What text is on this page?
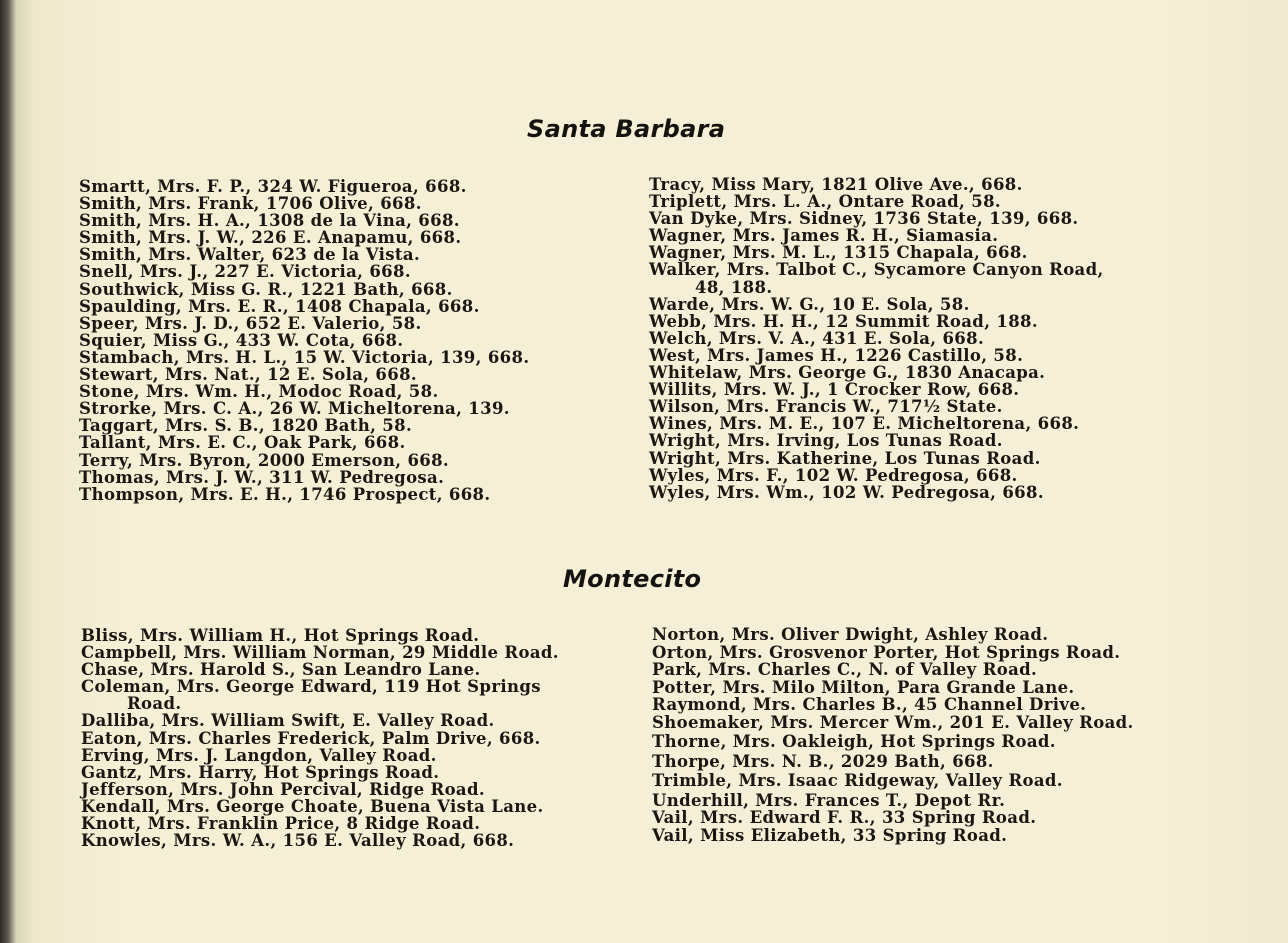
Santa Barbara
Smartt, Mrs. F. P., 324 W. Figueroa, 668.
Smith, Mrs. Frank, 1706 Olive, 668.
Smith, Mrs. H. A., 1308 de la Vina, 668.
Smith, Mrs. J. W., 226 E. Anapamu, 668.
Smith, Mrs. Walter, 623 de la Vista.
Snell, Mrs. J., 227 E. Victoria, 668.
Southwick, Miss G. R., 1221 Bath, 668.
Spaulding, Mrs. E. R., 1408 Chapala, 668.
Speer, Mrs. J. D., 652 E. Valerio, 58.
Squier, Miss G., 433 W. Cota, 668.
Stambach, Mrs. H. L., 15 W. Victoria, 139, 668.
Stewart, Mrs. Nat., 12 E. Sola, 668.
Stone, Mrs. Wm. H., Modoc Road, 58.
Strorke, Mrs. C. A., 26 W. Micheltorena, 139.
Taggart, Mrs. S. B., 1820 Bath, 58.
Tallant, Mrs. E. C., Oak Park, 668.
Terry, Mrs. Byron, 2000 Emerson, 668.
Thomas, Mrs. J. W., 311 W. Pedregosa.
Thompson, Mrs. E. H., 1746 Prospect, 668.
Tracy, Miss Mary, 1821 Olive Ave., 668.
Triplett, Mrs. L. A., Ontare Road, 58.
Van Dyke, Mrs. Sidney, 1736 State, 139, 668.
Wagner, Mrs. James R. H., Siamasia.
Wagner, Mrs. M. L., 1315 Chapala, 668.
Walker, Mrs. Talbot C., Sycamore Canyon Road,
48, 188.
Warde, Mrs. W. G., 10 E. Sola, 58.
Webb, Mrs. H. H., 12 Summit Road, 188.
Welch, Mrs. V. A., 431 E. Sola, 668.
West, Mrs. James H., 1226 Castillo, 58.
Whitelaw, Mrs. George G., 1830 Anacapa.
Willits, Mrs. W. J., 1 Crocker Row, 668.
Wilson, Mrs. Francis W., 717½ State.
Wines, Mrs. M. E., 107 E. Micheltorena, 668.
Wright, Mrs. Irving, Los Tunas Road.
Wright, Mrs. Katherine, Los Tunas Road.
Wyles, Mrs. F., 102 W. Pedregosa, 668.
Wyles, Mrs. Wm., 102 W. Pedregosa, 668.
Montecito
Bliss, Mrs. William H., Hot Springs Road.
Campbell, Mrs. William Norman, 29 Middle Road.
Chase, Mrs. Harold S., San Leandro Lane.
Coleman, Mrs. George Edward, 119 Hot Springs
Road.
Dalliba, Mrs. William Swift, E. Valley Road.
Eaton, Mrs. Charles Frederick, Palm Drive, 668.
Erving, Mrs. J. Langdon, Valley Road.
Gantz, Mrs. Harry, Hot Springs Road.
Jefferson, Mrs. John Percival, Ridge Road.
Kendall, Mrs. George Choate, Buena Vista Lane.
Knott, Mrs. Franklin Price, 8 Ridge Road.
Knowles, Mrs. W. A., 156 E. Valley Road, 668.
Norton, Mrs. Oliver Dwight, Ashley Road.
Orton, Mrs. Grosvenor Porter, Hot Springs Road.
Park, Mrs. Charles C., N. of Valley Road.
Potter, Mrs. Milo Milton, Para Grande Lane.
Raymond, Mrs. Charles B., 45 Channel Drive.
Shoemaker, Mrs. Mercer Wm., 201 E. Valley Road.
Thorne, Mrs. Oakleigh, Hot Springs Road.
Thorpe, Mrs. N. B., 2029 Bath, 668.
Trimble, Mrs. Isaac Ridgeway, Valley Road.
Underhill, Mrs. Frances T., Depot Rr.
Vail, Mrs. Edward F. R., 33 Spring Road.
Vail, Miss Elizabeth, 33 Spring Road.
